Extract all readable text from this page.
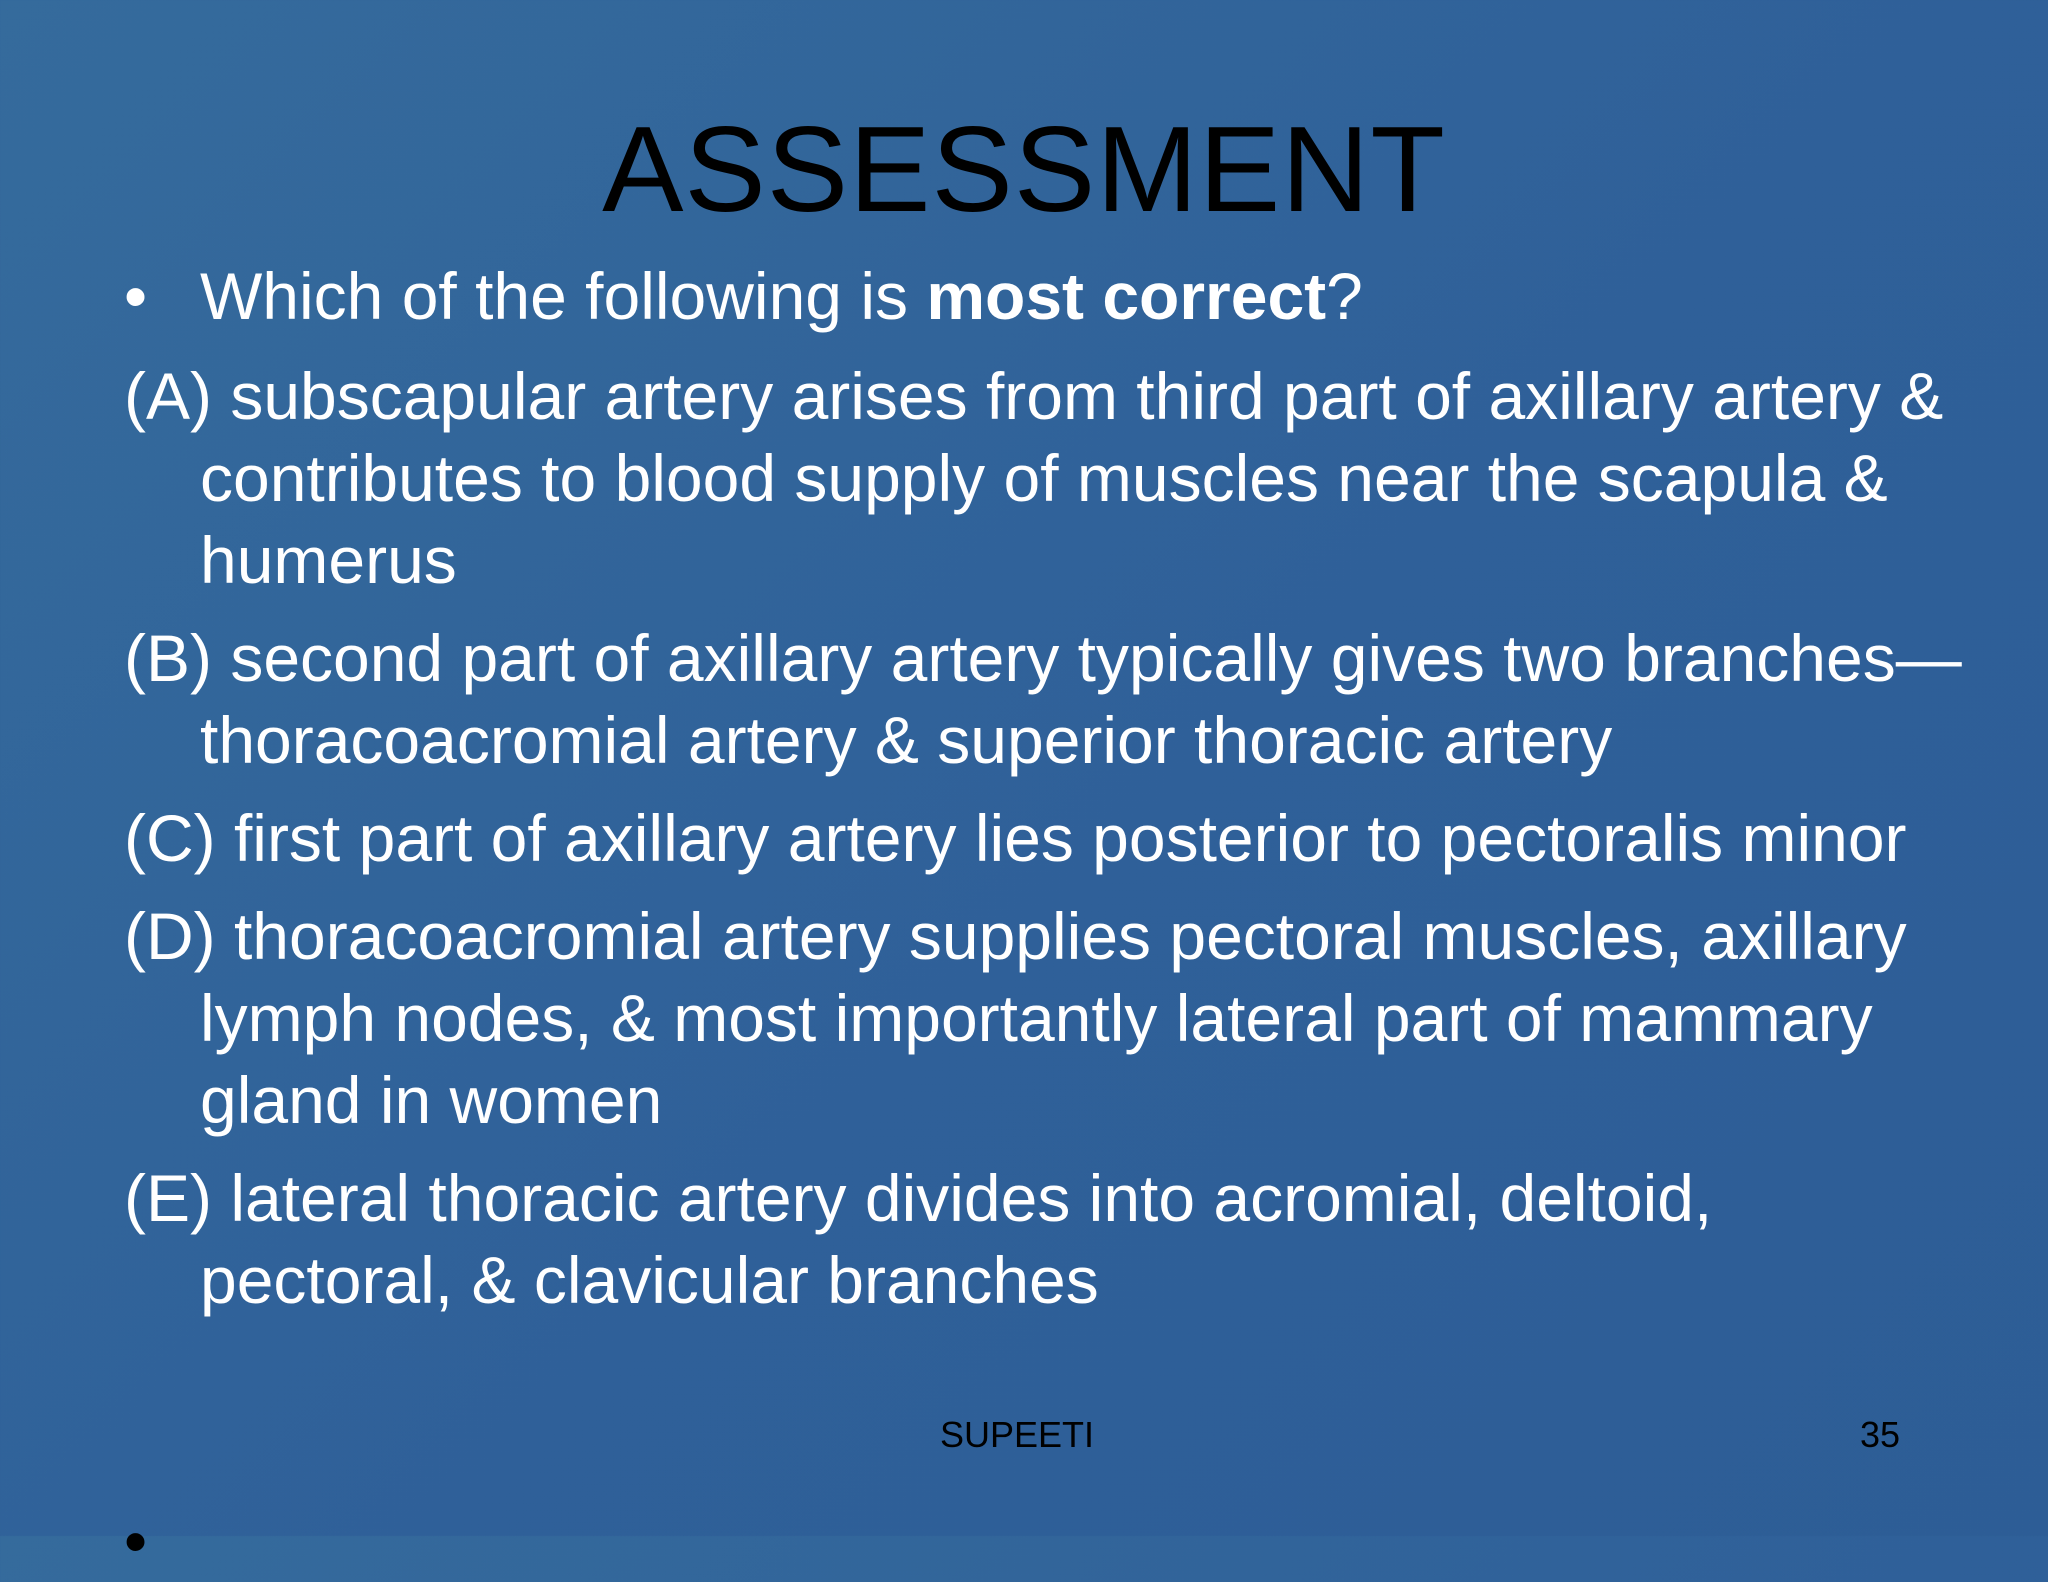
ASSESSMENT
• Which of the following is most correct?
(A) subscapular artery arises from third part of axillary artery & contributes to blood supply of muscles near the scapula & humerus
(B) second part of axillary artery typically gives two branches—thoracoacromial artery & superior thoracic artery
(C) first part of axillary artery lies posterior to pectoralis minor
(D) thoracoacromial artery supplies pectoral muscles, axillary lymph nodes, & most importantly lateral part of mammary gland in women
(E) lateral thoracic artery divides into acromial, deltoid, pectoral, & clavicular branches
•
SUPEETI	35
